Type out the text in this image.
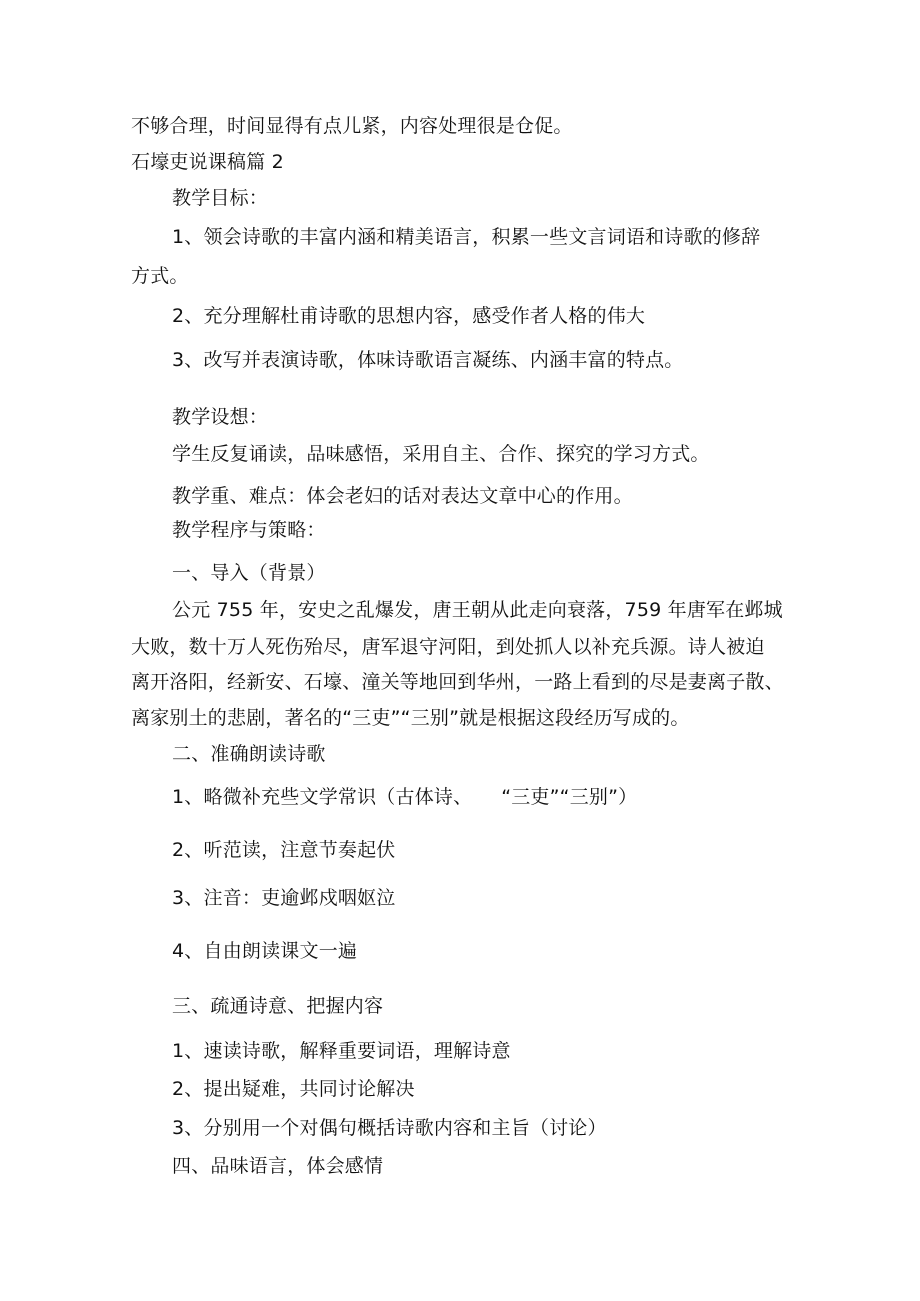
不够合理，时间显得有点儿紧，内容处理很是仓促。
石壕吏说课稿篇 2
教学目标：
1、领会诗歌的丰富内涵和精美语言，积累一些文言词语和诗歌的修辞
方式。
2、充分理解杜甫诗歌的思想内容，感受作者人格的伟大
3、改写并表演诗歌，体味诗歌语言凝练、内涵丰富的特点。
教学设想：
学生反复诵读，品味感悟，采用自主、合作、探究的学习方式。
教学重、难点：体会老妇的话对表达文章中心的作用。
教学程序与策略：
一、导入（背景）
公元 755 年，安史之乱爆发，唐王朝从此走向衰落，759 年唐军在邺城
大败，数十万人死伤殆尽，唐军退守河阳，到处抓人以补充兵源。诗人被迫
离开洛阳，经新安、石壕、潼关等地回到华州，一路上看到的尽是妻离子散、
离家别土的悲剧，著名的“三吏”“三别”就是根据这段经历写成的。
二、准确朗读诗歌
1、略微补充些文学常识（古体诗、　　“三吏”“三别”）
2、听范读，注意节奏起伏
3、注音：吏逾邺戍咽妪泣
4、自由朗读课文一遍
三、疏通诗意、把握内容
1、速读诗歌，解释重要词语，理解诗意
2、提出疑难，共同讨论解决
3、分别用一个对偶句概括诗歌内容和主旨（讨论）
四、品味语言，体会感情
